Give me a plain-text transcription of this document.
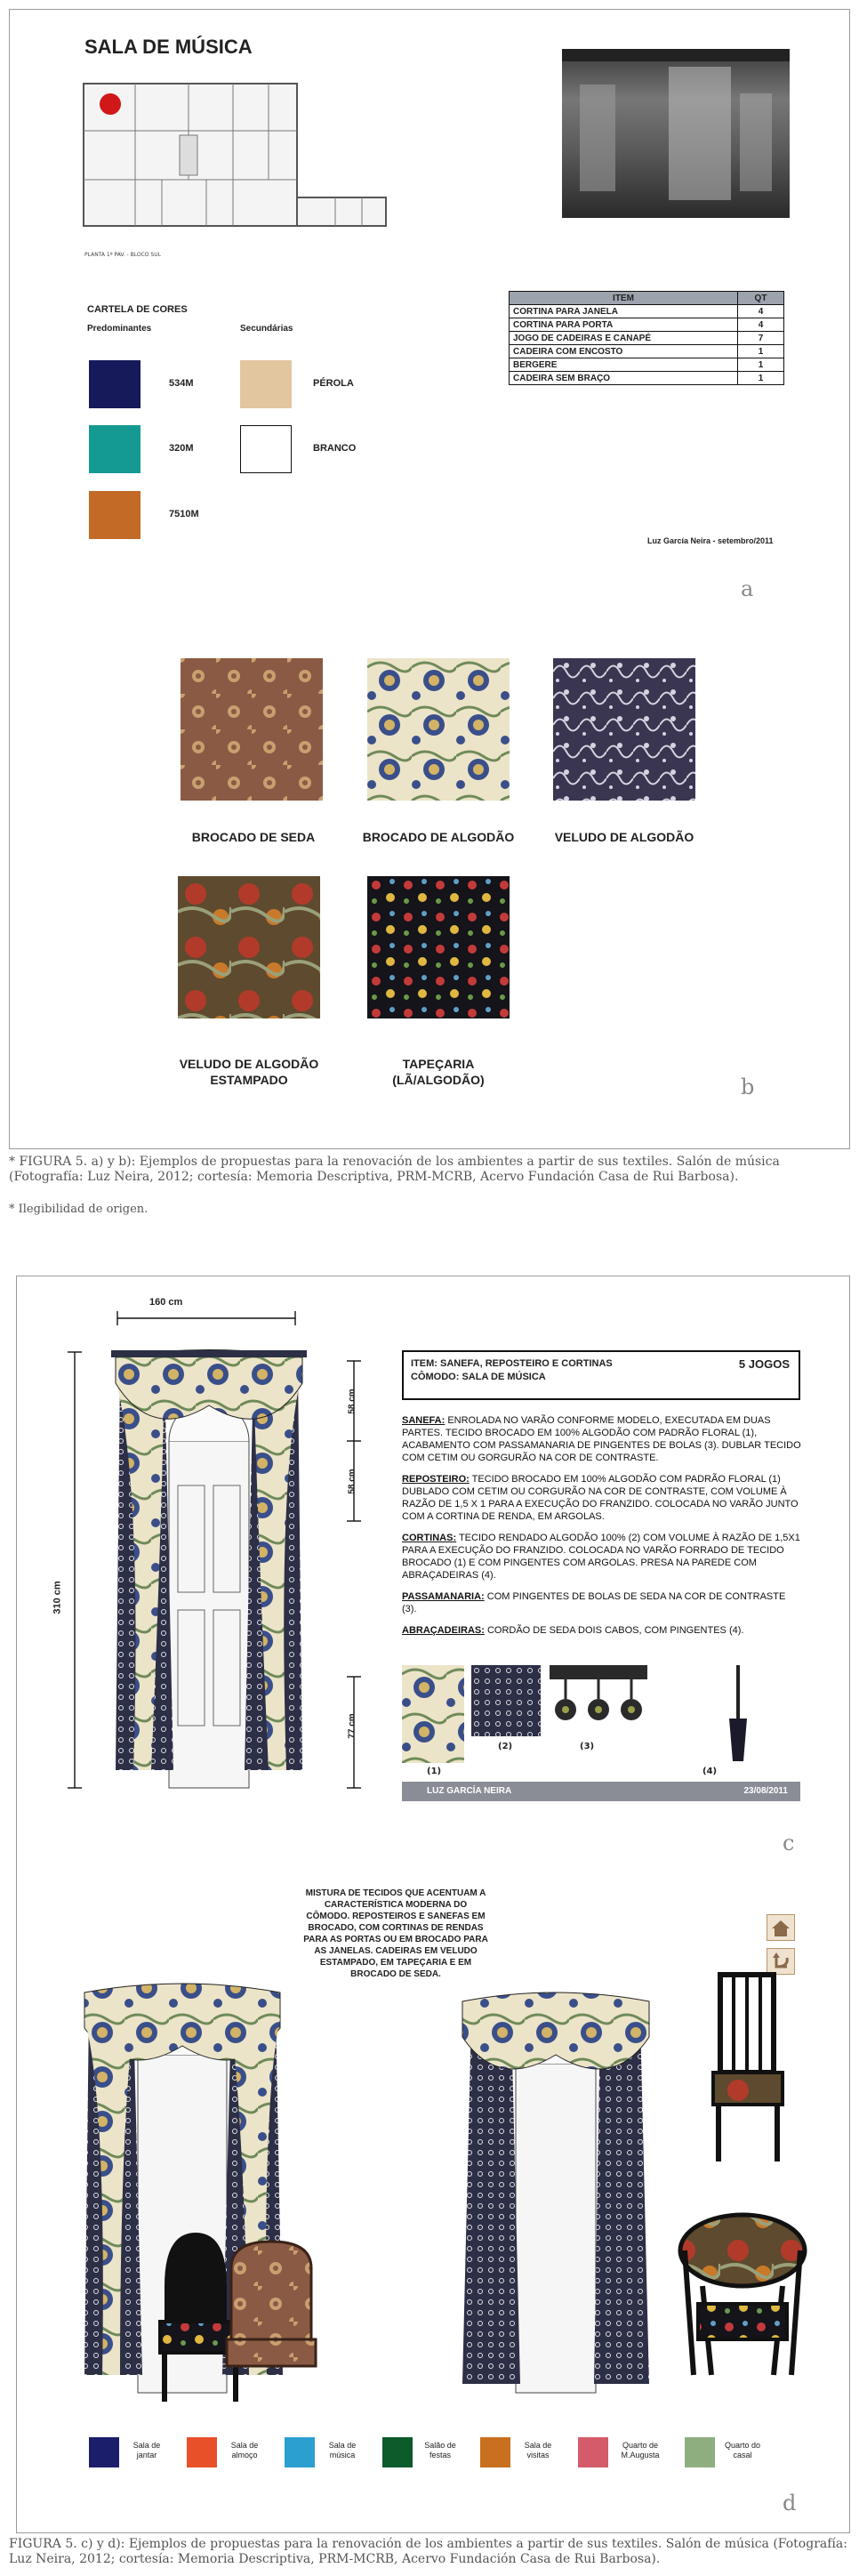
SALA DE MÚSICA
PLANTA 1º PAV. - BLOCO SUL
CARTELA DE CORES
Predominantes	Secundárias
534M
320M
7510M
PÉROLA
BRANCO
ITEM	QT
CORTINA PARA JANELA	4
CORTINA PARA PORTA	4
JOGO DE CADEIRAS E CANAPÉ	7
CADEIRA COM ENCOSTO	1
BERGERE	1
CADEIRA SEM BRAÇO	1
Luz García Neira - setembro/2011
a
BROCADO DE SEDA	BROCADO DE ALGODÃO	VELUDO DE ALGODÃO
VELUDO DE ALGODÃO ESTAMPADO
TAPEÇARIA (LÃ/ALGODÃO)	b
* FIGURA 5. a) y b): Ejemplos de propuestas para la renovación de los ambientes a partir de sus textiles. Salón de música (Fotografía: Luz Neira, 2012; cortesía: Memoria Descriptiva, PRM-MCRB, Acervo Fundación Casa de Rui Barbosa).
* Ilegibilidad de origen.
160 cm
310 cm
58 cm
58 cm
77 cm
ITEM: SANEFA, REPOSTEIRO E CORTINAS
CÔMODO: SALA DE MÚSICA
5 JOGOS

SANEFA: ENROLADA NO VARÃO CONFORME MODELO, EXECUTADA EM DUAS PARTES. TECIDO BROCADO EM 100% ALGODÃO COM PADRÃO FLORAL (1), ACABAMENTO COM PASSAMANARIA DE PINGENTES DE BOLAS (3). DUBLAR TECIDO COM CETIM OU GORGURÃO NA COR DE CONTRASTE.

REPOSTEIRO: TECIDO BROCADO EM 100% ALGODÃO COM PADRÃO FLORAL (1) DUBLADO COM CETIM OU CORGURÃO NA COR DE CONTRASTE, COM VOLUME À RAZÃO DE 1,5 X 1 PARA A EXECUÇÃO DO FRANZIDO. COLOCADA NO VARÃO JUNTO COM A CORTINA DE RENDA, EM ARGOLAS.

CORTINAS: TECIDO RENDADO ALGODÃO 100% (2) COM VOLUME À RAZÃO DE 1,5X1 PARA A EXECUÇÃO DO FRANZIDO. COLOCADA NO VARÃO FORRADO DE TECIDO BROCADO (1) E COM PINGENTES COM ARGOLAS. PRESA NA PAREDE COM ABRAÇADEIRAS (4).

PASSAMANARIA: COM PINGENTES DE BOLAS DE SEDA NA COR DE CONTRASTE (3).

ABRAÇADEIRAS: CORDÃO DE SEDA DOIS CABOS, COM PINGENTES (4).

(1)
(2)	(3)
(4)
LUZ GARCÍA NEIRA	23/08/2011
c
MISTURA DE TECIDOS QUE ACENTUAM A CARACTERÍSTICA MODERNA DO CÔMODO. REPOSTEIROS E SANEFAS EM BROCADO, COM CORTINAS DE RENDAS PARA AS PORTAS OU EM BROCADO PARA AS JANELAS. CADEIRAS EM VELUDO ESTAMPADO, EM TAPEÇARIA E EM BROCADO DE SEDA.
Sala de jantar
Sala de almoço
Sala de música
Salão de festas
Sala de visitas
Quarto de M.Augusta
Quarto do casal
d
FIGURA 5. c) y d): Ejemplos de propuestas para la renovación de los ambientes a partir de sus textiles. Salón de música (Fotografía: Luz Neira, 2012; cortesía: Memoria Descriptiva, PRM-MCRB, Acervo Fundación Casa de Rui Barbosa).
